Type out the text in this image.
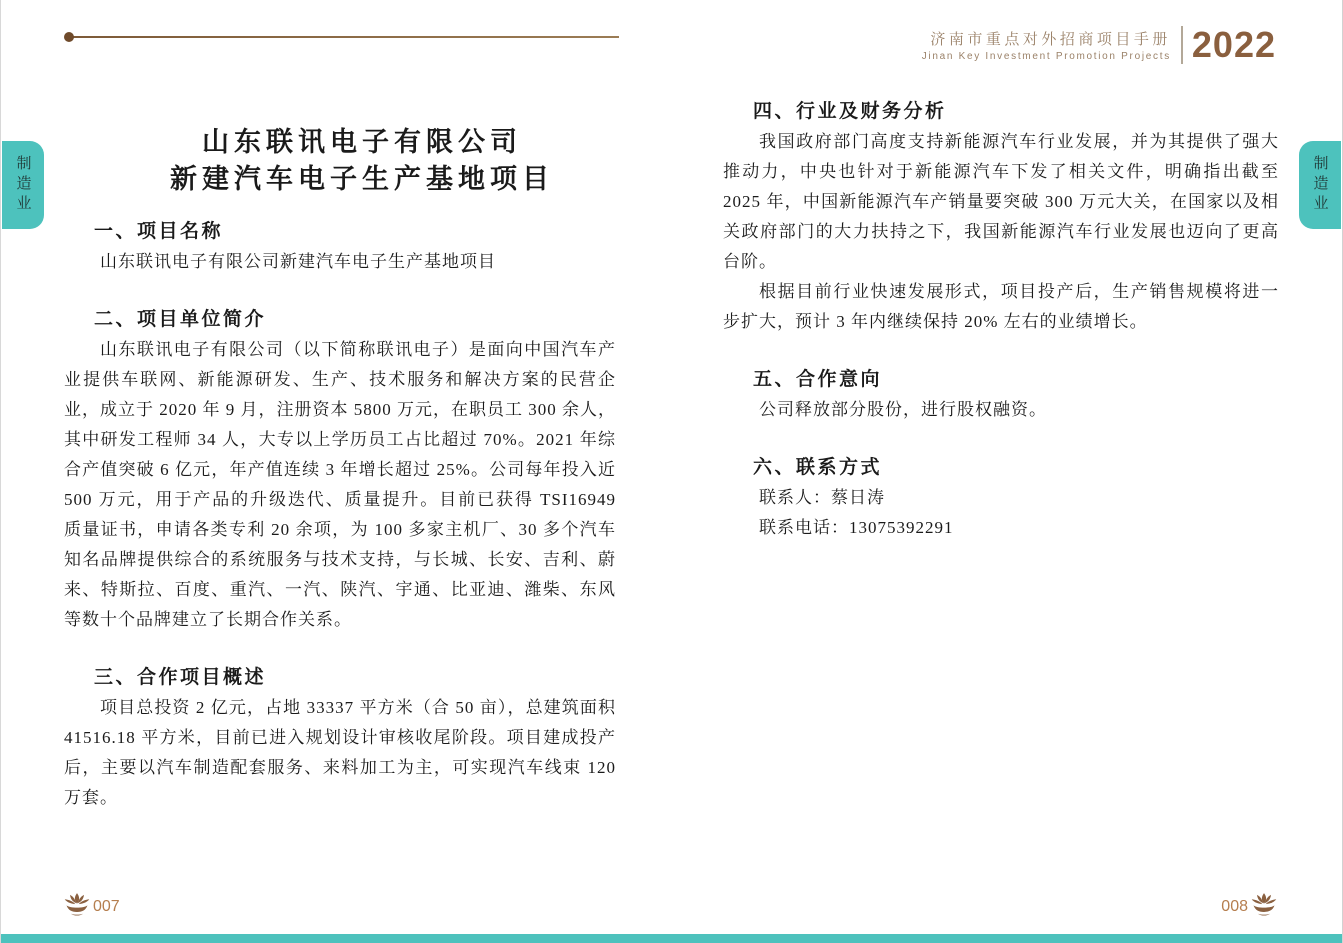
济南市重点对外招商项目手册
Jinan Key Investment Promotion Projects 2022
制造业	制造业
山东联讯电子有限公司
新建汽车电子生产基地项目
一、项目名称

山东联讯电子有限公司新建汽车电子生产基地项目

二、项目单位简介

山东联讯电子有限公司（以下简称联讯电子）是面向中国汽车产业提供车联网、新能源研发、生产、技术服务和解决方案的民营企业，成立于 2020 年 9 月，注册资本 5800 万元，在职员工 300 余人，其中研发工程师 34 人，大专以上学历员工占比超过 70%。2021 年综合产值突破 6 亿元，年产值连续 3 年增长超过 25%。公司每年投入近 500 万元，用于产品的升级迭代、质量提升。目前已获得 TSI16949 质量证书，申请各类专利 20 余项，为 100 多家主机厂、30 多个汽车知名品牌提供综合的系统服务与技术支持，与长城、长安、吉利、蔚来、特斯拉、百度、重汽、一汽、陕汽、宇通、比亚迪、潍柴、东风等数十个品牌建立了长期合作关系。

三、合作项目概述

项目总投资 2 亿元，占地 33337 平方米（合 50 亩），总建筑面积 41516.18 平方米，目前已进入规划设计审核收尾阶段。项目建成投产后，主要以汽车制造配套服务、来料加工为主，可实现汽车线束 120 万套。

四、行业及财务分析

我国政府部门高度支持新能源汽车行业发展，并为其提供了强大推动力，中央也针对于新能源汽车下发了相关文件，明确指出截至 2025 年，中国新能源汽车产销量要突破 300 万元大关，在国家以及相关政府部门的大力扶持之下，我国新能源汽车行业发展也迈向了更高台阶。

根据目前行业快速发展形式，项目投产后，生产销售规模将进一步扩大，预计 3 年内继续保持 20% 左右的业绩增长。

五、合作意向

公司释放部分股份，进行股权融资。

六、联系方式

联系人：蔡日涛

联系电话：13075392291

007	008
